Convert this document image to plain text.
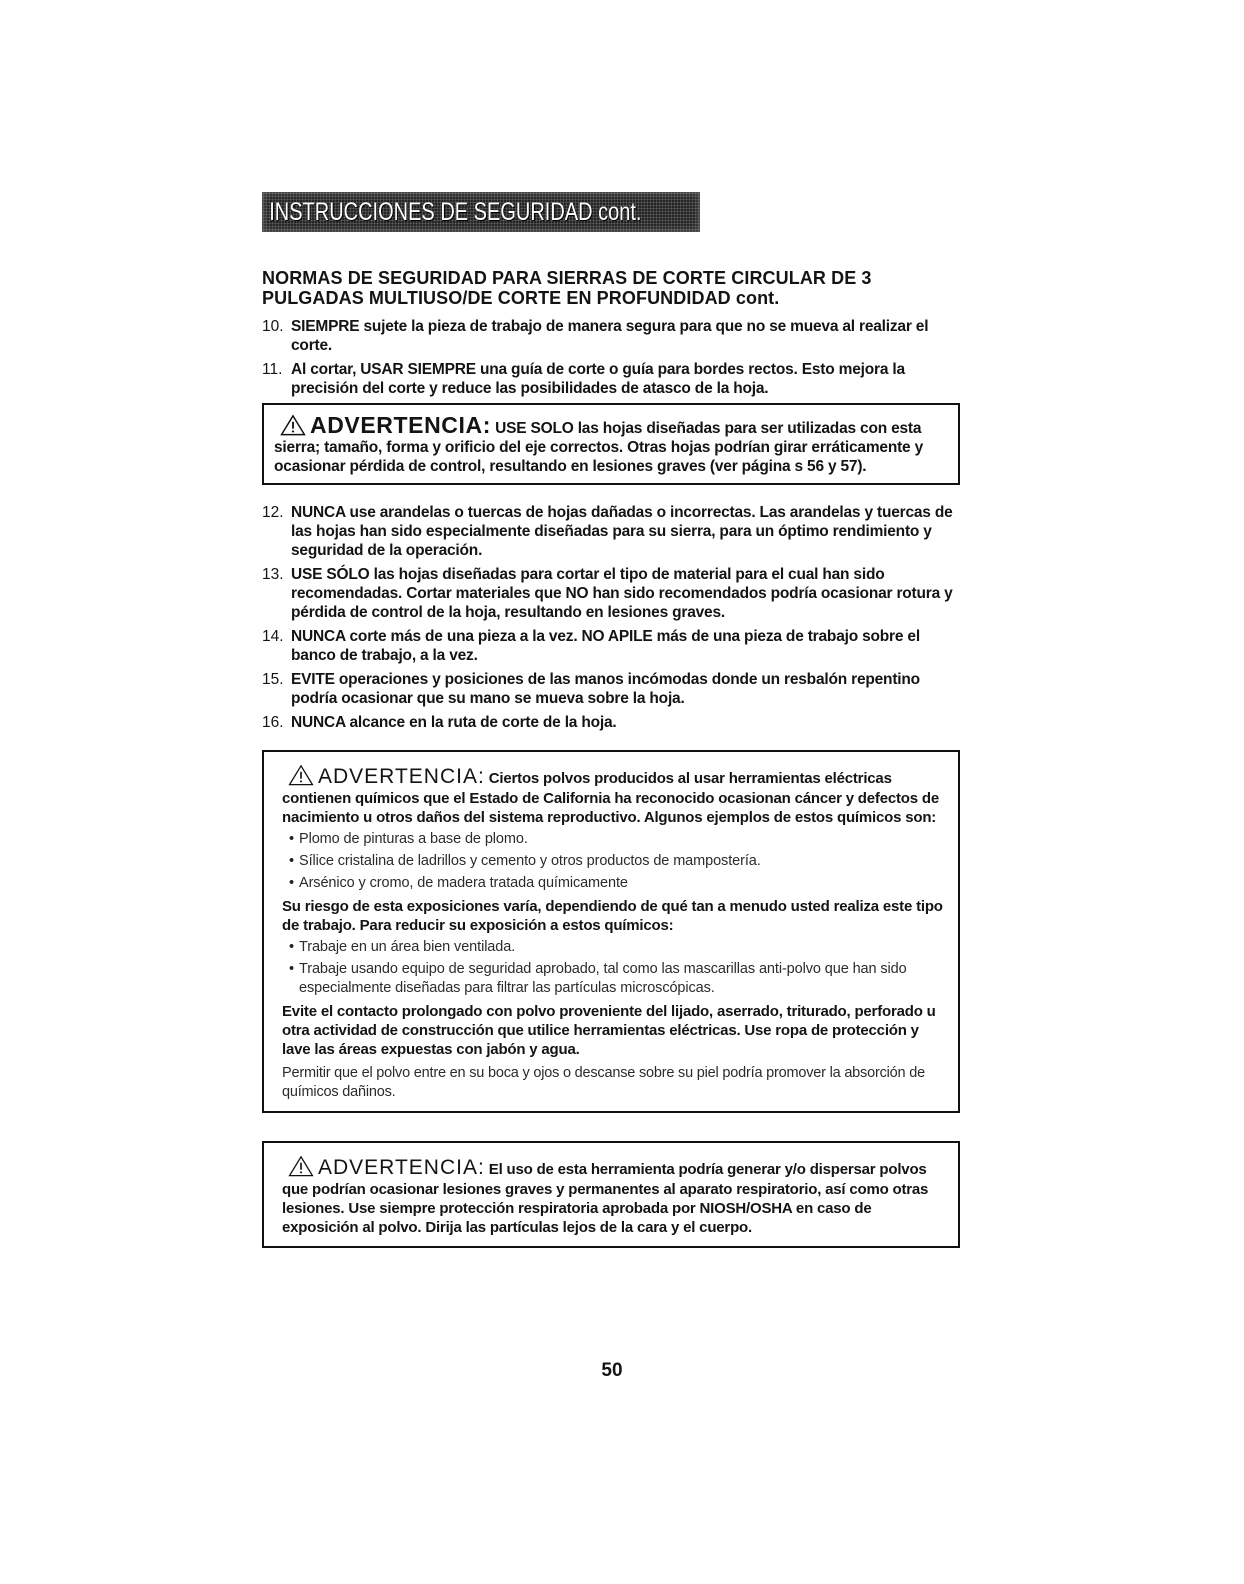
INSTRUCCIONES DE SEGURIDAD cont.
NORMAS DE SEGURIDAD PARA SIERRAS DE CORTE CIRCULAR DE 3 PULGADAS MULTIUSO/DE CORTE EN PROFUNDIDAD cont.
10. SIEMPRE sujete la pieza de trabajo de manera segura para que no se mueva al realizar el corte.
11. Al cortar, USAR SIEMPRE una guía de corte o guía para bordes rectos. Esto mejora la precisión del corte y reduce las posibilidades de atasco de la hoja.

ADVERTENCIA: USE SOLO las hojas diseñadas para ser utilizadas con esta sierra; tamaño, forma y orificio del eje correctos. Otras hojas podrían girar erráticamente y ocasionar pérdida de control, resultando en lesiones graves (ver página s 56 y 57).

12. NUNCA use arandelas o tuercas de hojas dañadas o incorrectas. Las arandelas y tuercas de las hojas han sido especialmente diseñadas para su sierra, para un óptimo rendimiento y seguridad de la operación.
13. USE SÓLO las hojas diseñadas para cortar el tipo de material para el cual han sido recomendadas. Cortar materiales que NO han sido recomendados podría ocasionar rotura y pérdida de control de la hoja, resultando en lesiones graves.
14. NUNCA corte más de una pieza a la vez. NO APILE más de una pieza de trabajo sobre el banco de trabajo, a la vez.
15. EVITE operaciones y posiciones de las manos incómodas donde un resbalón repentino podría ocasionar que su mano se mueva sobre la hoja.
16. NUNCA alcance en la ruta de corte de la hoja.

ADVERTENCIA: Ciertos polvos producidos al usar herramientas eléctricas contienen químicos que el Estado de California ha reconocido ocasionan cáncer y defectos de nacimiento u otros daños del sistema reproductivo. Algunos ejemplos de estos químicos son:

• Plomo de pinturas a base de plomo.
• Sílice cristalina de ladrillos y cemento y otros productos de mampostería.
• Arsénico y cromo, de madera tratada químicamente

Su riesgo de esta exposiciones varía, dependiendo de qué tan a menudo usted realiza este tipo de trabajo. Para reducir su exposición a estos químicos:

• Trabaje en un área bien ventilada.
• Trabaje usando equipo de seguridad aprobado, tal como las mascarillas anti-polvo que han sido especialmente diseñadas para filtrar las partículas microscópicas.

Evite el contacto prolongado con polvo proveniente del lijado, aserrado, triturado, perforado u otra actividad de construcción que utilice herramientas eléctricas. Use ropa de protección y lave las áreas expuestas con jabón y agua.

Permitir que el polvo entre en su boca y ojos o descanse sobre su piel podría promover la absorción de químicos dañinos.

ADVERTENCIA: El uso de esta herramienta podría generar y/o dispersar polvos que podrían ocasionar lesiones graves y permanentes al aparato respiratorio, así como otras lesiones. Use siempre protección respiratoria aprobada por NIOSH/OSHA en caso de exposición al polvo. Dirija las partículas lejos de la cara y el cuerpo.

50
